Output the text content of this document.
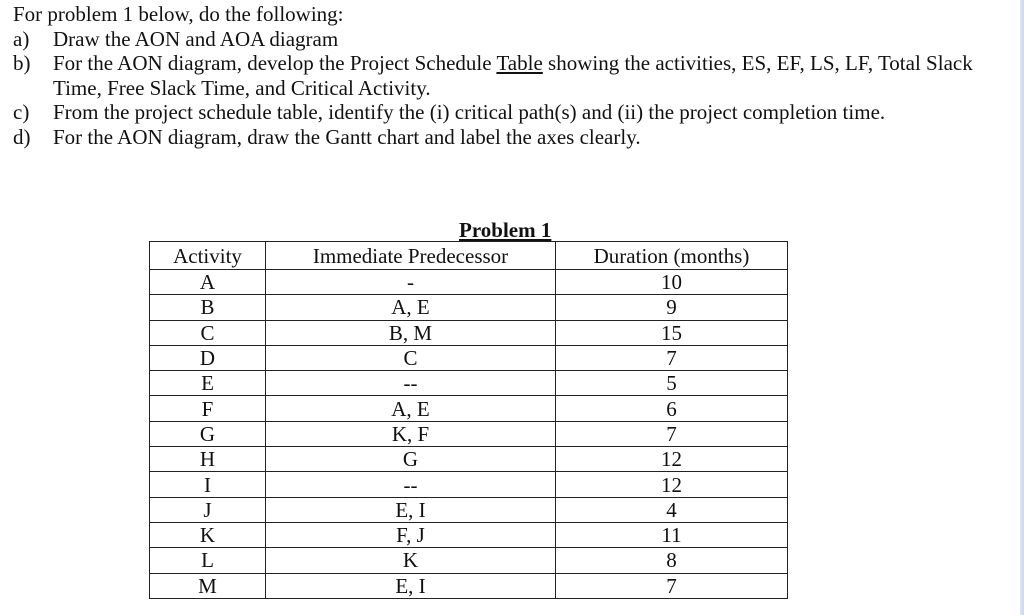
For problem 1 below, do the following:

a)	Draw the AON and AOA diagram
b)	For the AON diagram, develop the Project Schedule Table showing the activities, ES, EF, LS, LF, Total Slack Time, Free Slack Time, and Critical Activity.
c)	From the project schedule table, identify the (i) critical path(s) and (ii) the project completion time.
d)	For the AON diagram, draw the Gantt chart and label the axes clearly.
Problem 1
Activity	Immediate Predecessor	Duration (months)
A	-	10
B	A, E	9
C	B, M	15
D	C	7
E	--	5
F	A, E	6
G	K, F	7
H	G	12
I	--	12
J	E, I	4
K	F, J	11
L	K	8
M	E, I	7
